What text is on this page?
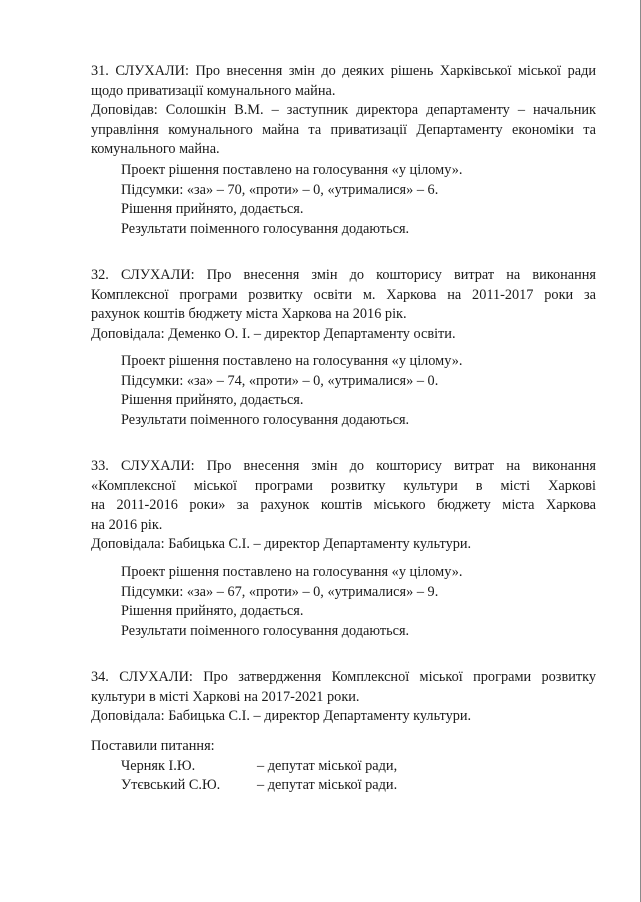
31. СЛУХАЛИ: Про внесення змін до деяких рішень Харківської міської ради
щодо приватизації комунального майна.
Доповідав: Солошкін В.М. – заступник директора департаменту – начальник
управління комунального майна та приватизації Департаменту економіки та
комунального майна.
Проект рішення поставлено на голосування «у цілому».
Підсумки: «за» – 70, «проти» – 0, «утрималися» – 6.
Рішення прийнято, додається.
Результати поіменного голосування додаються.
32. СЛУХАЛИ: Про внесення змін до кошторису витрат на виконання
Комплексної програми розвитку освіти м. Харкова на 2011-2017 роки за
рахунок коштів бюджету міста Харкова на 2016 рік.
Доповідала: Деменко О. І. – директор Департаменту освіти.
Проект рішення поставлено на голосування «у цілому».
Підсумки: «за» – 74, «проти» – 0, «утрималися» – 0.
Рішення прийнято, додається.
Результати поіменного голосування додаються.
33. СЛУХАЛИ: Про внесення змін до кошторису витрат на виконання
«Комплексної міської програми розвитку культури в місті Харкові
на 2011-2016 роки» за рахунок коштів міського бюджету міста Харкова
на 2016 рік.
Доповідала: Бабицька С.І. – директор Департаменту культури.
Проект рішення поставлено на голосування «у цілому».
Підсумки: «за» – 67, «проти» – 0, «утрималися» – 9.
Рішення прийнято, додається.
Результати поіменного голосування додаються.
34. СЛУХАЛИ: Про затвердження Комплексної міської програми розвитку
культури в місті Харкові на 2017-2021 роки.
Доповідала: Бабицька С.І. – директор Департаменту культури.
Поставили питання:
Черняк І.Ю.	– депутат міської ради,
Утєвський С.Ю.	– депутат міської ради.
